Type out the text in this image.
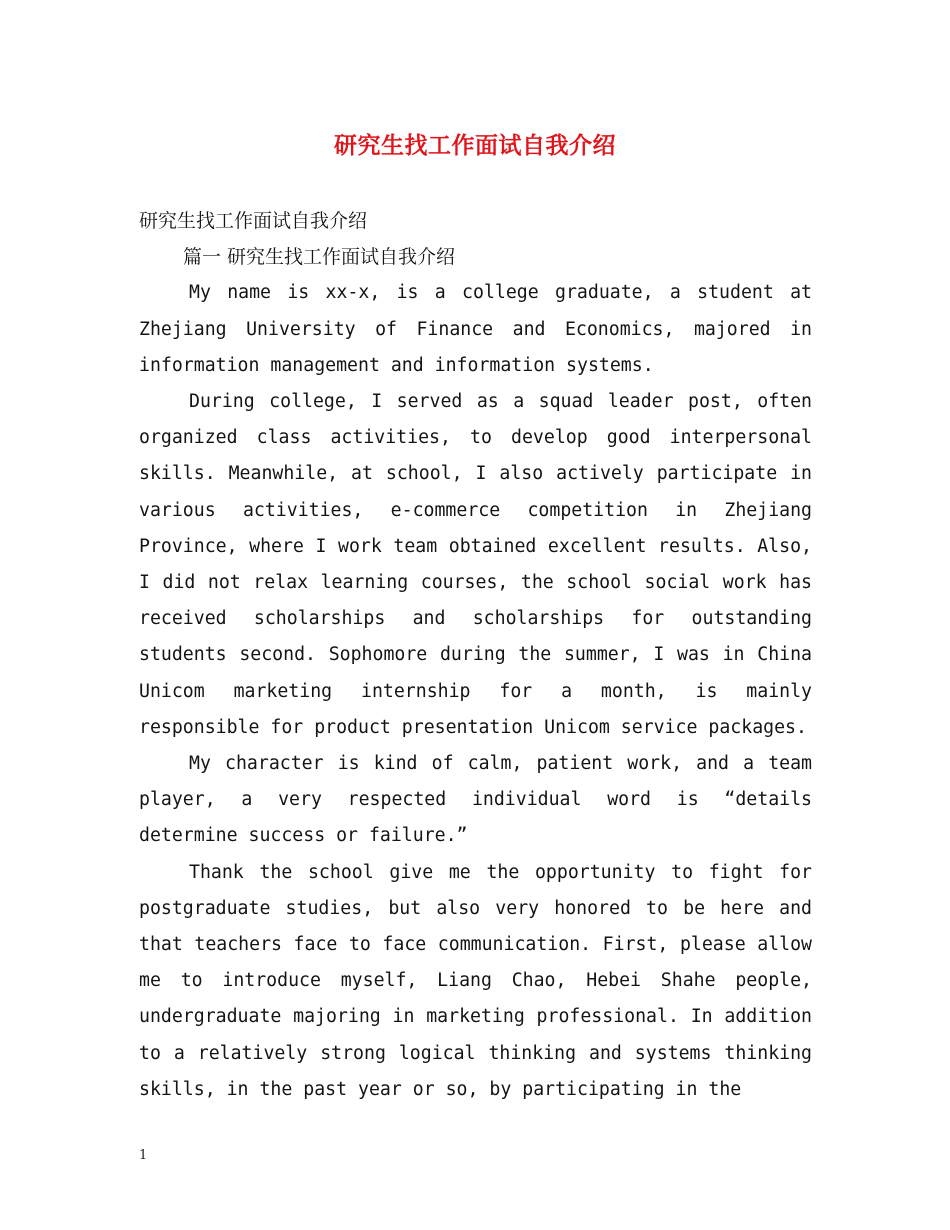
研究生找工作面试自我介绍

研究生找工作面试自我介绍

篇一 研究生找工作面试自我介绍

My name is xx-x, is a college graduate, a student at Zhejiang University of Finance and Economics, majored in information management and information systems.

During college, I served as a squad leader post, often organized class activities, to develop good interpersonal skills. Meanwhile, at school, I also actively participate in various activities, e-commerce competition in Zhejiang Province, where I work team obtained excellent results. Also, I did not relax learning courses, the school social work has received scholarships and scholarships for outstanding students second. Sophomore during the summer, I was in China Unicom marketing internship for a month, is mainly responsible for product presentation Unicom service packages.

My character is kind of calm, patient work, and a team player, a very respected individual word is “details determine success or failure.”

Thank the school give me the opportunity to fight for postgraduate studies, but also very honored to be here and that teachers face to face communication. First, please allow me to introduce myself, Liang Chao, Hebei Shahe people, undergraduate majoring in marketing professional. In addition to a relatively strong logical thinking and systems thinking skills, in the past year or so, by participating in the

1
